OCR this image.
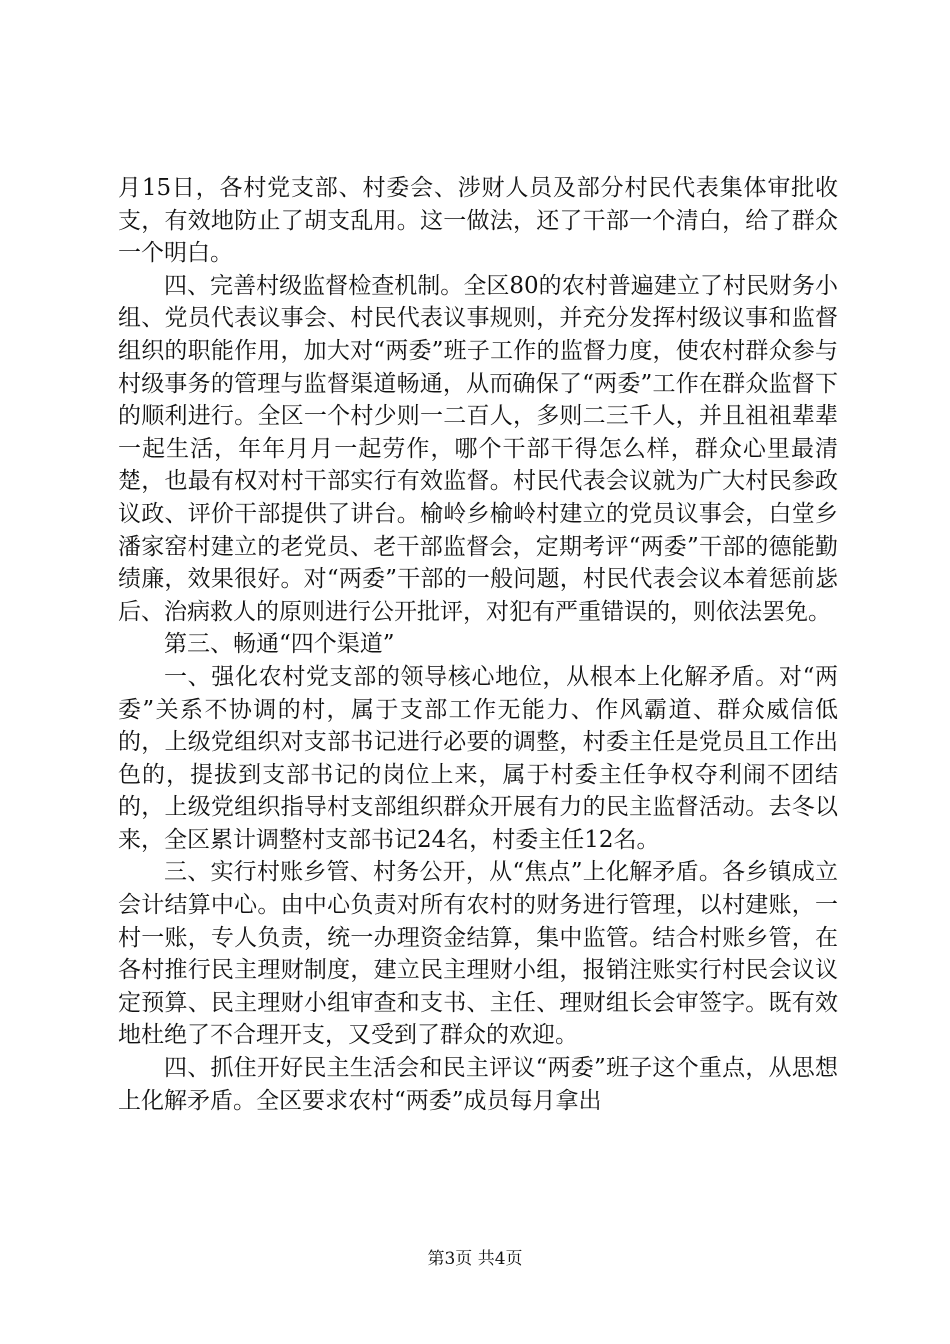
月15日，各村党支部、村委会、涉财人员及部分村民代表集体审批收支，有效地防止了胡支乱用。这一做法，还了干部一个清白，给了群众一个明白。

四、完善村级监督检查机制。全区80的农村普遍建立了村民财务小组、党员代表议事会、村民代表议事规则，并充分发挥村级议事和监督组织的职能作用，加大对“两委”班子工作的监督力度，使农村群众参与村级事务的管理与监督渠道畅通，从而确保了“两委”工作在群众监督下的顺利进行。全区一个村少则一二百人，多则二三千人，并且祖祖辈辈一起生活，年年月月一起劳作，哪个干部干得怎么样，群众心里最清楚，也最有权对村干部实行有效监督。村民代表会议就为广大村民参政议政、评价干部提供了讲台。榆岭乡榆岭村建立的党员议事会，白堂乡潘家窑村建立的老党员、老干部监督会，定期考评“两委”干部的德能勤绩廉，效果很好。对“两委”干部的一般问题，村民代表会议本着惩前毖后、治病救人的原则进行公开批评，对犯有严重错误的，则依法罢免。

第三、畅通“四个渠道”

一、强化农村党支部的领导核心地位，从根本上化解矛盾。对“两委”关系不协调的村，属于支部工作无能力、作风霸道、群众威信低的，上级党组织对支部书记进行必要的调整，村委主任是党员且工作出色的，提拔到支部书记的岗位上来，属于村委主任争权夺利闹不团结的，上级党组织指导村支部组织群众开展有力的民主监督活动。去冬以来，全区累计调整村支部书记24名，村委主任12名。

三、实行村账乡管、村务公开，从“焦点”上化解矛盾。各乡镇成立会计结算中心。由中心负责对所有农村的财务进行管理，以村建账，一村一账，专人负责，统一办理资金结算，集中监管。结合村账乡管，在各村推行民主理财制度，建立民主理财小组，报销注账实行村民会议议定预算、民主理财小组审查和支书、主任、理财组长会审签字。既有效地杜绝了不合理开支，又受到了群众的欢迎。

四、抓住开好民主生活会和民主评议“两委”班子这个重点，从思想上化解矛盾。全区要求农村“两委”成员每月拿出

第3页 共4页
